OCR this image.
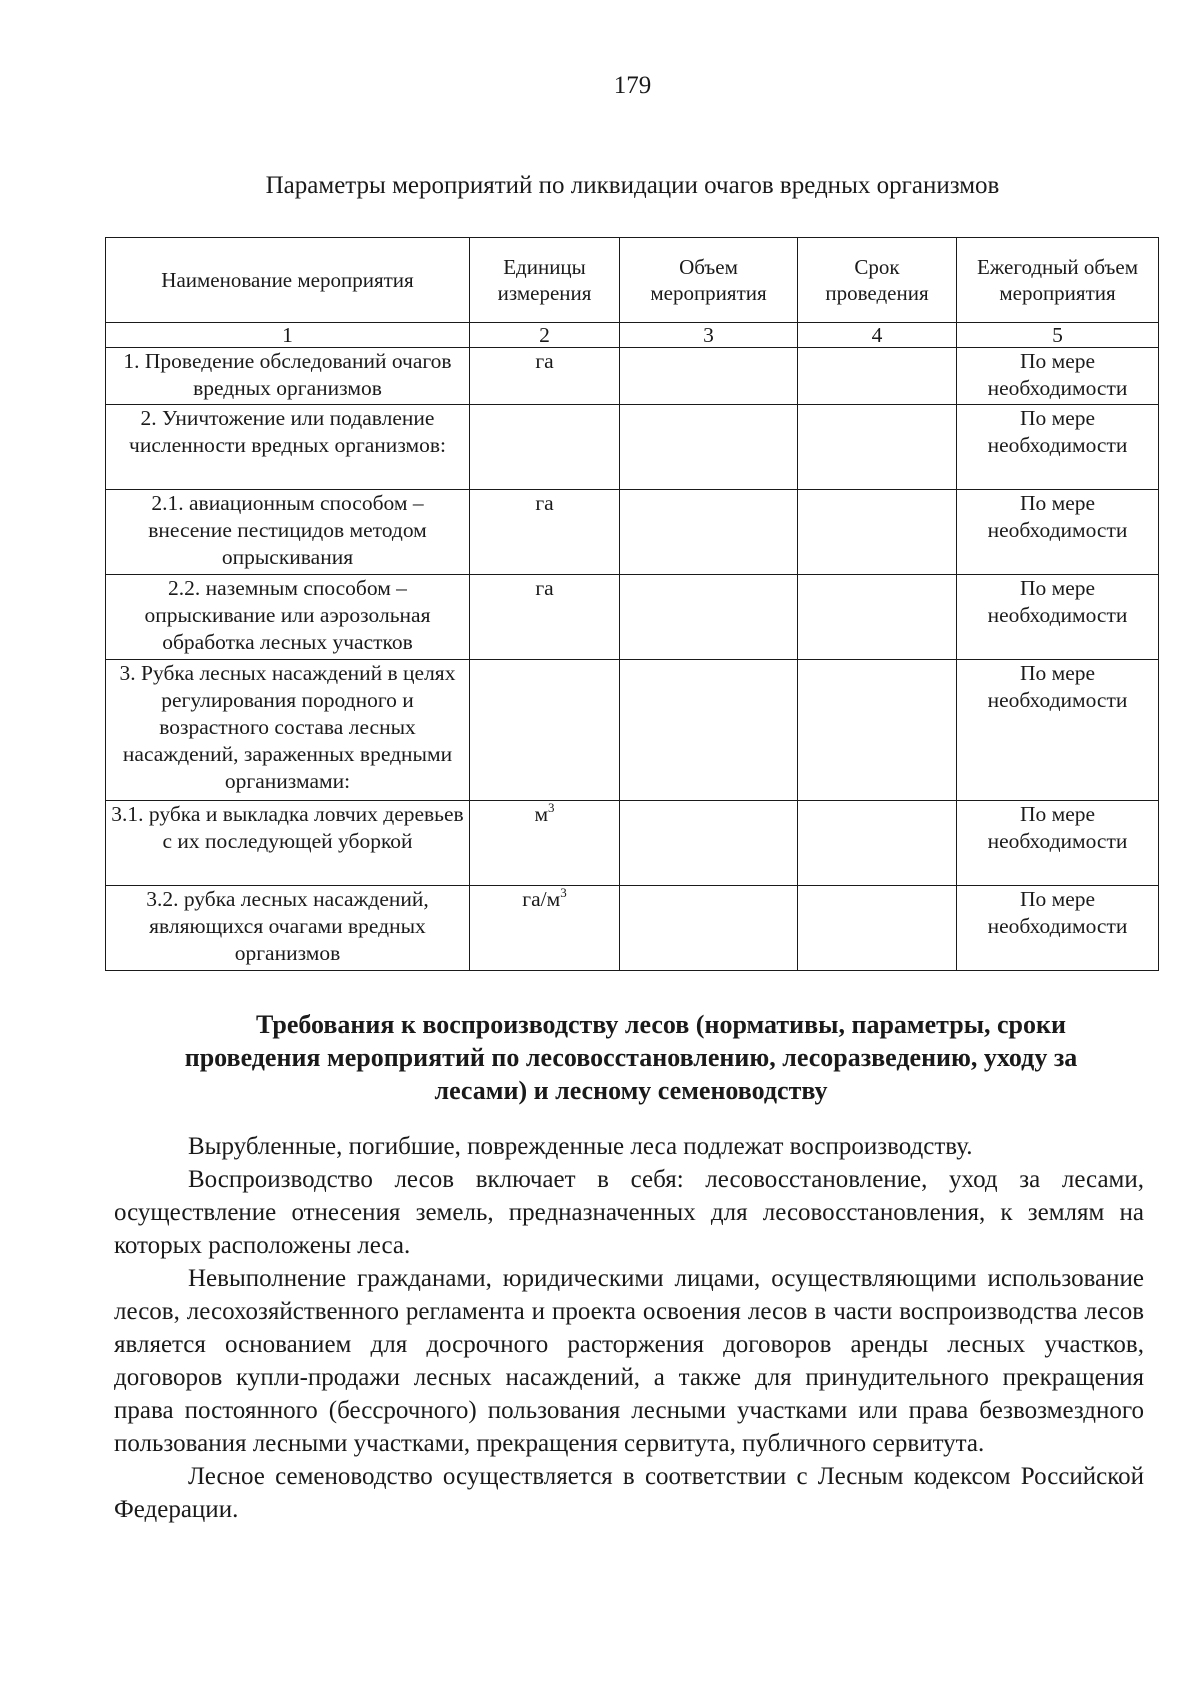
179
Параметры мероприятий по ликвидации очагов вредных организмов
Наименование мероприятия	Единицы измерения	Объем мероприятия	Срок проведения	Ежегодный объем мероприятия
1	2	3	4	5
1. Проведение обследований очагов вредных организмов	га			По мере необходимости
2. Уничтожение или подавление численности вредных организмов:				По мере необходимости
2.1. авиационным способом – внесение пестицидов методом опрыскивания	га			По мере необходимости
2.2. наземным способом – опрыскивание или аэрозольная обработка лесных участков	га			По мере необходимости
3. Рубка лесных насаждений в целях регулирования породного и возрастного состава лесных насаждений, зараженных вредными организмами:				По мере необходимости
3.1. рубка и выкладка ловчих деревьев с их последующей уборкой	$м^3$			По мере необходимости
3.2. рубка лесных насаждений, являющихся очагами вредных организмов	$га/м^3$			По мере необходимости
Требования к воспроизводству лесов (нормативы, параметры, сроки
проведения мероприятий по лесовосстановлению, лесоразведению, уходу за
лесами) и лесному семеноводству

Вырубленные, погибшие, поврежденные леса подлежат воспроизводству.

Воспроизводство лесов включает в себя: лесовосстановление, уход за лесами, осуществление отнесения земель, предназначенных для лесовосстановления, к землям на которых расположены леса.

Невыполнение гражданами, юридическими лицами, осуществляющими использование лесов, лесохозяйственного регламента и проекта освоения лесов в части воспроизводства лесов является основанием для досрочного расторжения договоров аренды лесных участков, договоров купли-продажи лесных насаждений, а также для принудительного прекращения права постоянного (бессрочного) пользования лесными участками или права безвозмездного пользования лесными участками, прекращения сервитута, публичного сервитута.

Лесное семеноводство осуществляется в соответствии с Лесным кодексом Российской Федерации.
